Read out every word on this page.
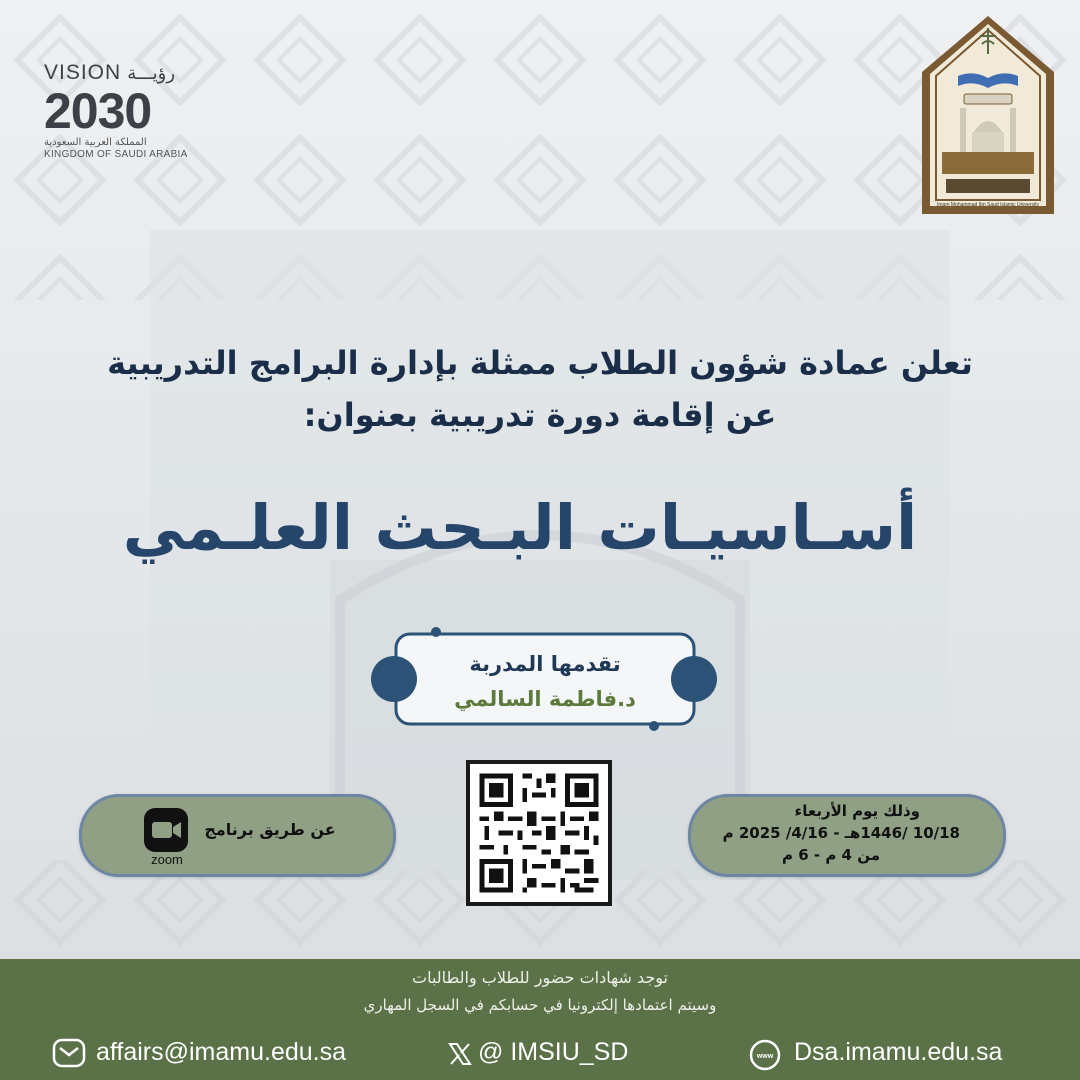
VISION رؤيـــة
2030
المملكة العربية السعودية
KINGDOM OF SAUDI ARABIA
Imam Mohammad Ibn Saud Islamic University
تعلن عمادة شؤون الطلاب ممثلة بإدارة البرامج التدريبية
عن إقامة دورة تدريبية بعنوان:
أسـاسيـات البـحث العلـمي
تقدمها المدربة
د.فاطمة السالمي
zoom
عن طريق برنامج
وذلك يوم الأربعاء
10/18 /1446هـ - 4/16/ 2025 م
من 4 م - 6 م
توجد شهادات حضور للطلاب والطالبات
وسيتم اعتمادها إلكترونيا في حسابكم في السجل المهاري
affairs@imamu.edu.sa	@ IMSIU_SD	www Dsa.imamu.edu.sa
